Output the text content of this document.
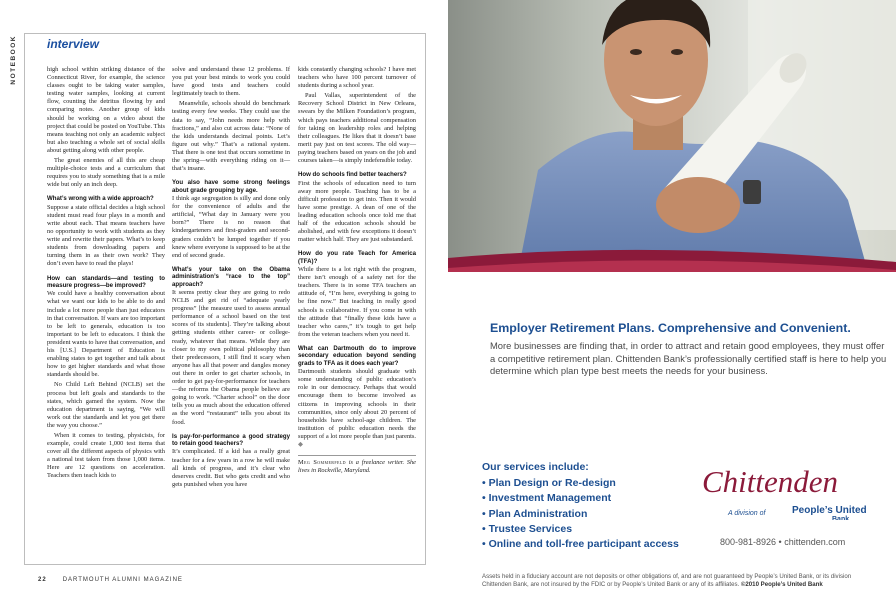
NOTEBOOK	interview

high school within striking distance of the Connecticut River, for example, the science classes ought to be taking water samples, testing water samples, looking at current flow, counting the detritus flowing by and comparing notes. Another group of kids should be working on a video about the project that could be posted on YouTube. This means teaching not only an academic subject but also teaching a whole set of social skills about getting along with other people.

The great enemies of all this are cheap multiple-choice tests and a curriculum that requires you to study something that is a mile wide but only an inch deep.

What’s wrong with a wide approach?

Suppose a state official decides a high school student must read four plays in a month and write about each. That means teachers have no opportunity to work with students as they write and rewrite their papers. What’s to keep students from downloading papers and turning them in as their own work? They don’t even have to read the plays!

How can standards—and testing to measure progress—be improved?

We could have a healthy conversation about what we want our kids to be able to do and include a lot more people than just educators in that conversation. If wars are too important to be left to generals, education is too important to be left to educators. I think the president wants to have that conversation, and his [U.S.] Department of Education is enabling states to get together and talk about how to get higher standards and what those standards should be.

No Child Left Behind (NCLB) set the process but left goals and standards to the states, which gamed the system. Now the education department is saying, “We will work out the standards and let you get there the way you choose.”

When it comes to testing, physicists, for example, could create 1,000 test items that cover all the different aspects of physics with a national test taken from those 1,000 items. Here are 12 questions on acceleration. Teachers then teach kids to

solve and understand these 12 problems. If you put your best minds to work you could have good tests and teachers could legitimately teach to them.

Meanwhile, schools should do benchmark testing every few weeks. They could use the data to say, “John needs more help with fractions,” and also cut across data: “None of the kids understands decimal points. Let’s figure out why.” That’s a rational system. That there is one test that occurs sometime in the spring—with everything riding on it—that’s insane.

You also have some strong feelings about grade grouping by age.

I think age segregation is silly and done only for the convenience of adults and the artificial, “What day in January were you born?” There is no reason that kindergarteners and first-graders and second-graders couldn’t be lumped together if you knew where everyone is supposed to be at the end of second grade.

What’s your take on the Obama administration’s “race to the top” approach?

It seems pretty clear they are going to redo NCLB and get rid of “adequate yearly progress” [the measure used to assess annual performance of a school based on the test scores of its students]. They’re talking about getting students either career- or college-ready, whatever that means. While they are closer to my own political philosophy than their predecessors, I still find it scary when anyone has all that power and dangles money out there in order to get charter schools, in order to get pay-for-performance for teachers—the reforms the Obama people believe are going to work. “Charter school” on the door tells you as much about the education offered as the word “restaurant” tells you about its food.

Is pay-for-performance a good strategy to retain good teachers?

It’s complicated. If a kid has a really great teacher for a few years in a row he will make all kinds of progress, and it’s clear who deserves credit. But who gets credit and who gets punished when you have

kids constantly changing schools? I have met teachers who have 100 percent turnover of students during a school year.

Paul Vallas, superintendent of the Recovery School District in New Orleans, swears by the Milken Foundation’s program, which pays teachers additional compensation for taking on leadership roles and helping their colleagues. He likes that it doesn’t base merit pay just on test scores. The old way—paying teachers based on years on the job and courses taken—is simply indefensible today.

How do schools find better teachers?

First the schools of education need to turn away more people. Teaching has to be a difficult profession to get into. Then it would have some prestige. A dean of one of the leading education schools once told me that half of the education schools should be abolished, and with few exceptions it doesn’t matter which half. They are just substandard.

How do you rate Teach for America (TFA)?

While there is a lot right with the program, there isn’t enough of a safety net for the teachers. There is in some TFA teachers an attitude of, “I’m here, everything is going to be fine now.” But teaching in really good schools is collaborative. If you come in with the attitude that “finally these kids have a teacher who cares,” it’s tough to get help from the veteran teachers when you need it.

What can Dartmouth do to improve secondary education beyond sending grads to TFA as it does each year?

Dartmouth students should graduate with some understanding of public education’s role in our democracy. Perhaps that would encourage them to become involved as citizens in improving schools in their communities, since only about 20 percent of households have school-age children. The institution of public education needs the support of a lot more people than just parents. ◆

Meg Sommerfeld is a freelance writer. She lives in Rockville, Maryland.

22	DARTMOUTH ALUMNI MAGAZINE
Employer Retirement Plans. Comprehensive and Convenient.
More businesses are finding that, in order to attract and retain good employees, they must offer a competitive retirement plan. Chittenden Bank’s professionally certified staff is here to help you determine which plan type best meets the needs for your business.
Our services include:
• Plan Design or Re-design
• Investment Management
• Plan Administration
• Trustee Services
• Online and toll-free participant access
Chittenden
A division of	People’s United
Bank
800-981-8926 • chittenden.com
Assets held in a fiduciary account are not deposits or other obligations of, and are not guaranteed by People’s United Bank, or its division Chittenden Bank, are not insured by the FDIC or by People’s United Bank or any of its affiliates. ©2010 People’s United Bank
